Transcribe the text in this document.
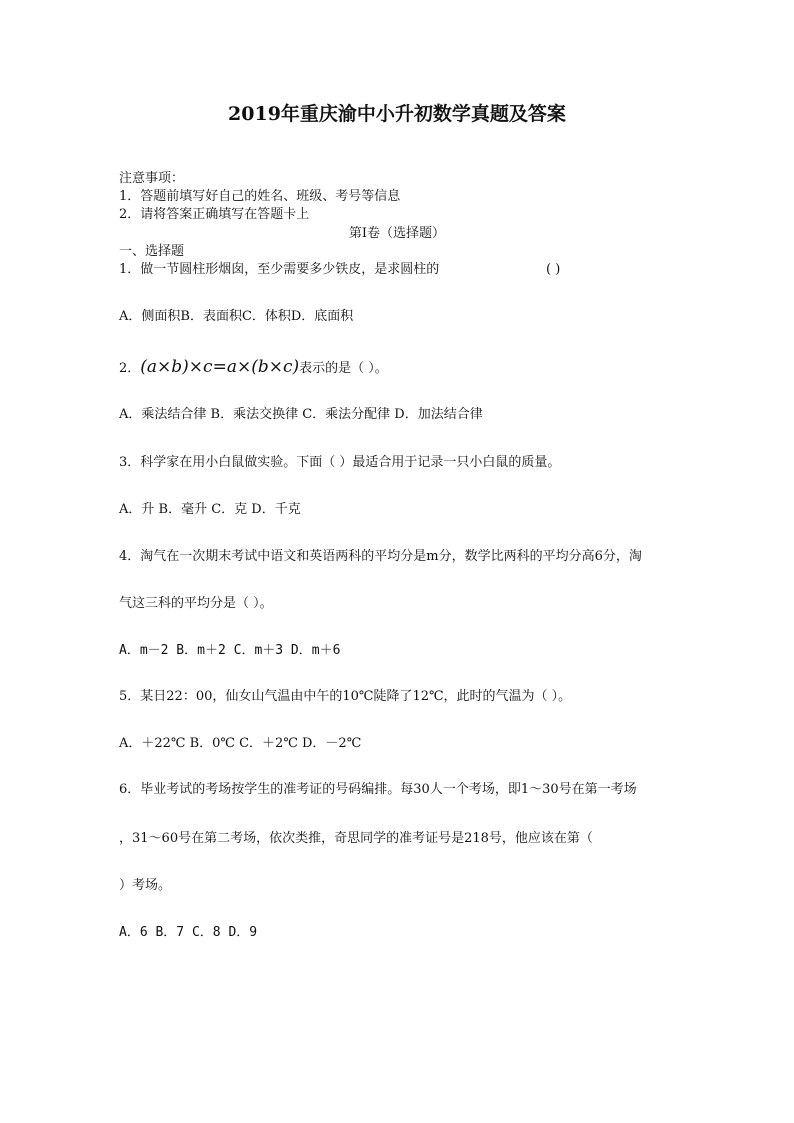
2019年重庆渝中小升初数学真题及答案
注意事项：
1．答题前填写好自己的姓名、班级、考号等信息
2．请将答案正确填写在答题卡上
第I卷（选择题）
一、选择题
1．做一节圆柱形烟囱，至少需要多少铁皮，是求圆柱的	( )
A．侧面积B．表面积C．体积D．底面积
2．(a×b)×c=a×(b×c)表示的是（ ）。
A．乘法结合律 B．乘法交换律 C．乘法分配律 D．加法结合律
3．科学家在用小白鼠做实验。下面（ ）最适合用于记录一只小白鼠的质量。
A．升 B．毫升 C．克 D．千克
4．淘气在一次期末考试中语文和英语两科的平均分是m分，数学比两科的平均分高6分，淘
气这三科的平均分是（ ）。
A．m－2 B．m＋2 C．m＋3 D．m＋6
5．某日22：00，仙女山气温由中午的10℃陡降了12℃，此时的气温为（ ）。
A．＋22℃ B．0℃ C．＋2℃ D．－2℃
6．毕业考试的考场按学生的准考证的号码编排。每30人一个考场，即1～30号在第一考场
，31～60号在第二考场，依次类推，奇思同学的准考证号是218号，他应该在第（
）考场。
A．6 B．7 C．8 D．9
